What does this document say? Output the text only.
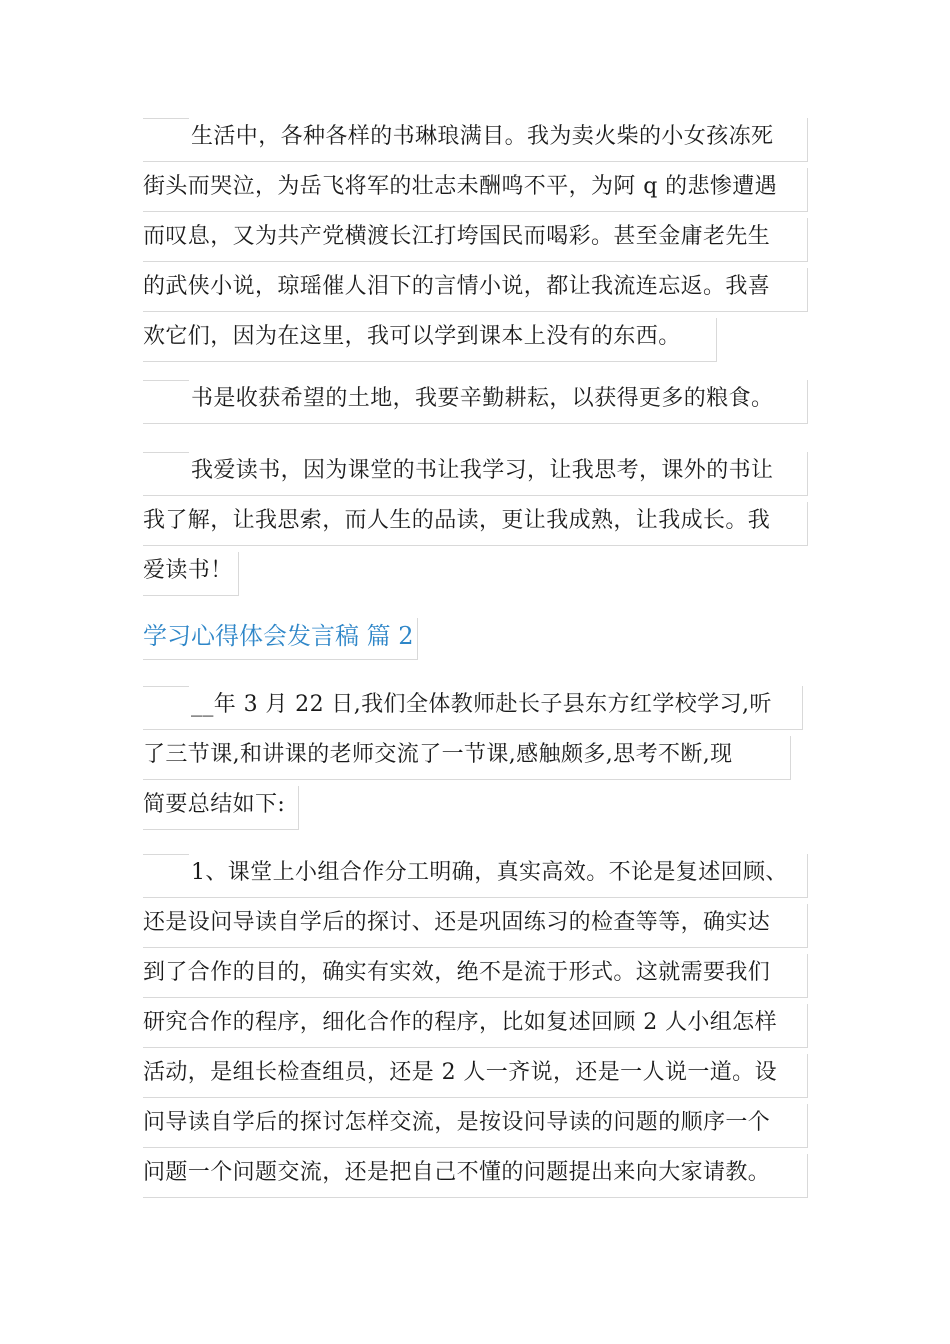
生活中，各种各样的书琳琅满目。我为卖火柴的小女孩冻死
街头而哭泣，为岳飞将军的壮志未酬鸣不平，为阿 q 的悲惨遭遇
而叹息，又为共产党横渡长江打垮国民而喝彩。甚至金庸老先生
的武侠小说，琼瑶催人泪下的言情小说，都让我流连忘返。我喜
欢它们，因为在这里，我可以学到课本上没有的东西。
书是收获希望的土地，我要辛勤耕耘，以获得更多的粮食。
我爱读书，因为课堂的书让我学习，让我思考，课外的书让
我了解，让我思索，而人生的品读，更让我成熟，让我成长。我
爱读书！
学习心得体会发言稿 篇 2
__年 3 月 22 日,我们全体教师赴长子县东方红学校学习,听
了三节课,和讲课的老师交流了一节课,感触颇多,思考不断,现
简要总结如下:
1、课堂上小组合作分工明确，真实高效。不论是复述回顾、
还是设问导读自学后的探讨、还是巩固练习的检查等等，确实达
到了合作的目的，确实有实效，绝不是流于形式。这就需要我们
研究合作的程序，细化合作的程序，比如复述回顾 2 人小组怎样
活动，是组长检查组员，还是 2 人一齐说，还是一人说一道。设
问导读自学后的探讨怎样交流，是按设问导读的问题的顺序一个
问题一个问题交流，还是把自己不懂的问题提出来向大家请教。
